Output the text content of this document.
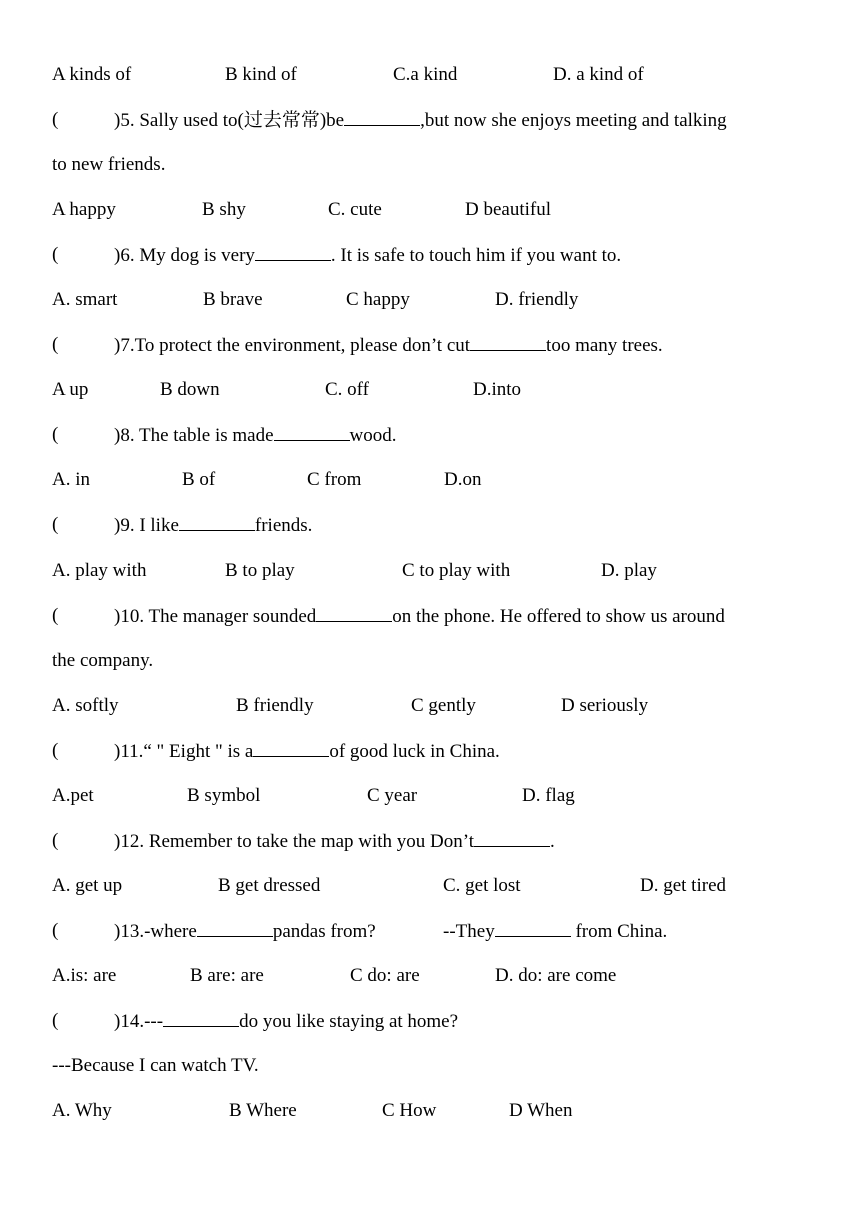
A kinds of	B kind of	C.a kind	D. a kind of
(	)5. Sally used to(过去常常)be	,but now she enjoys meeting and talking
to new friends.
A happy	B shy	C. cute	D beautiful
(	)6. My dog is very	. It is safe to touch him if you want to.
A. smart	B brave	C happy	D. friendly
(	)7.To protect the environment, please don’t cut	too many trees.
A up	B down	C. off	D.into
(	)8. The table is made	wood.
A. in	B of	C from	D.on
(	)9. I like	friends.
A. play with	B to play	C to play with	D. play
(	)10. The manager sounded	on the phone. He offered to show us around
the company.
A. softly	B friendly	C gently	D seriously
(	)11.“ " Eight " is a	of good luck in China.
A.pet	B symbol	C year	D. flag
(	)12. Remember to take the map with you Don’t	.
A. get up	B get dressed	C. get lost	D. get tired
(	)13.-where	pandas from?	--They	from China.
A.is: are	B are: are	C do: are	D. do: are come
(	)14.---	do you like staying at home?
---Because I can watch TV.
A. Why	B Where	C How	D When
